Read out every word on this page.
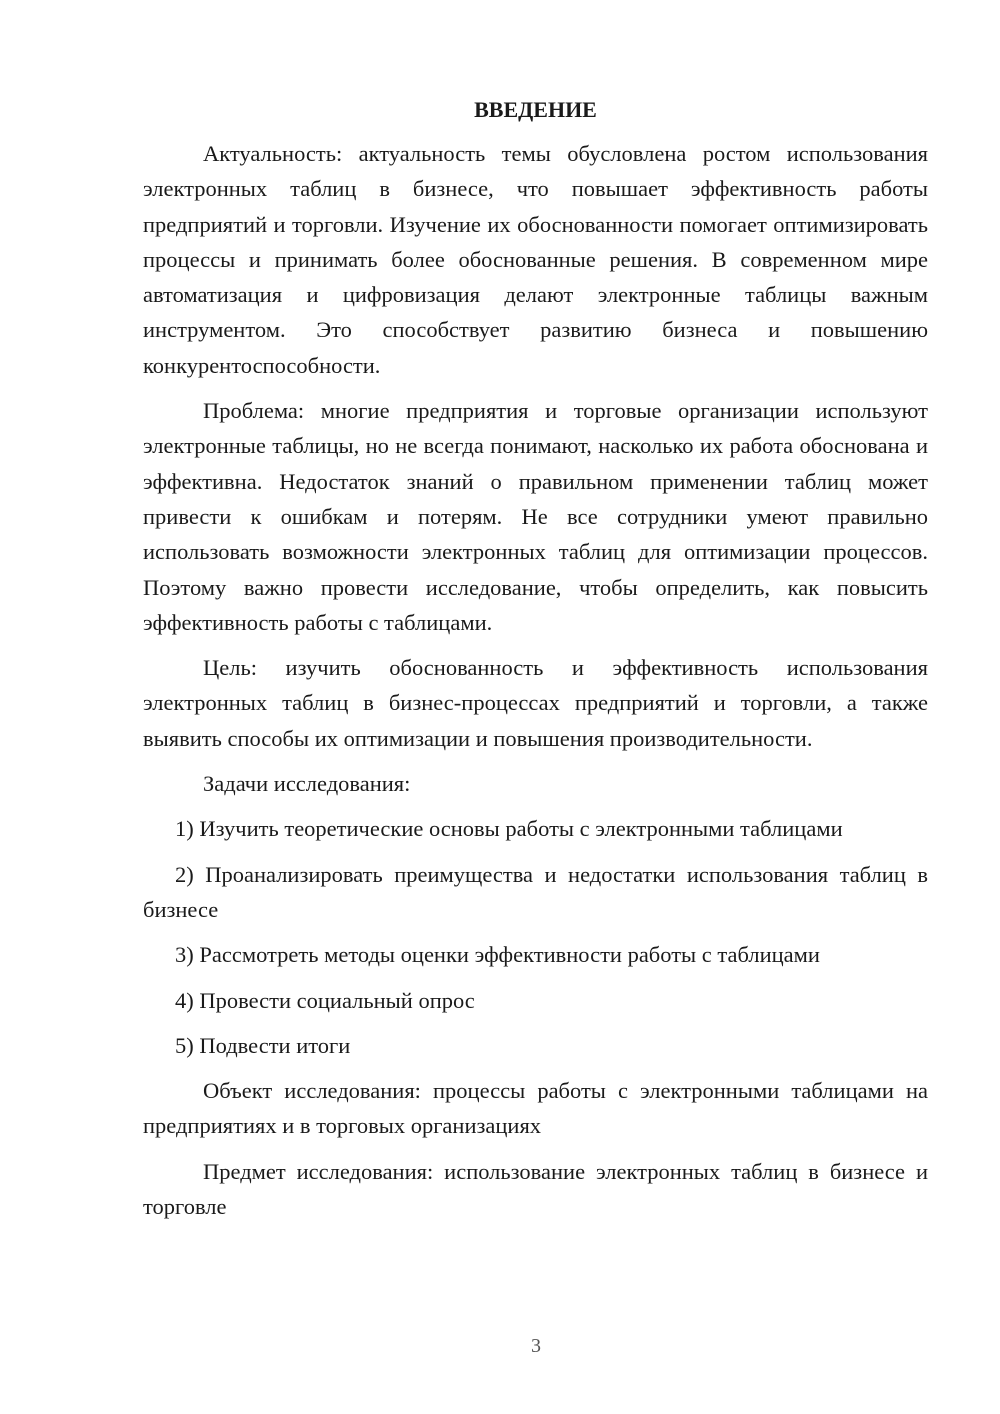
ВВЕДЕНИЕ

Актуальность: актуальность темы обусловлена ростом использования электронных таблиц в бизнесе, что повышает эффективность работы предприятий и торговли. Изучение их обоснованности помогает оптимизировать процессы и принимать более обоснованные решения. В современном мире автоматизация и цифровизация делают электронные таблицы важным инструментом. Это способствует развитию бизнеса и повышению конкурентоспособности.

Проблема: многие предприятия и торговые организации используют электронные таблицы, но не всегда понимают, насколько их работа обоснована и эффективна. Недостаток знаний о правильном применении таблиц может привести к ошибкам и потерям. Не все сотрудники умеют правильно использовать возможности электронных таблиц для оптимизации процессов. Поэтому важно провести исследование, чтобы определить, как повысить эффективность работы с таблицами.

Цель: изучить обоснованность и эффективность использования электронных таблиц в бизнес-процессах предприятий и торговли, а также выявить способы их оптимизации и повышения производительности.

Задачи исследования:

1) Изучить теоретические основы работы с электронными таблицами

2) Проанализировать преимущества и недостатки использования таблиц в бизнесе

3) Рассмотреть методы оценки эффективности работы с таблицами

4) Провести социальный опрос

5) Подвести итоги

Объект исследования: процессы работы с электронными таблицами на предприятиях и в торговых организациях

Предмет исследования: использование электронных таблиц в бизнесе и торговле

3
